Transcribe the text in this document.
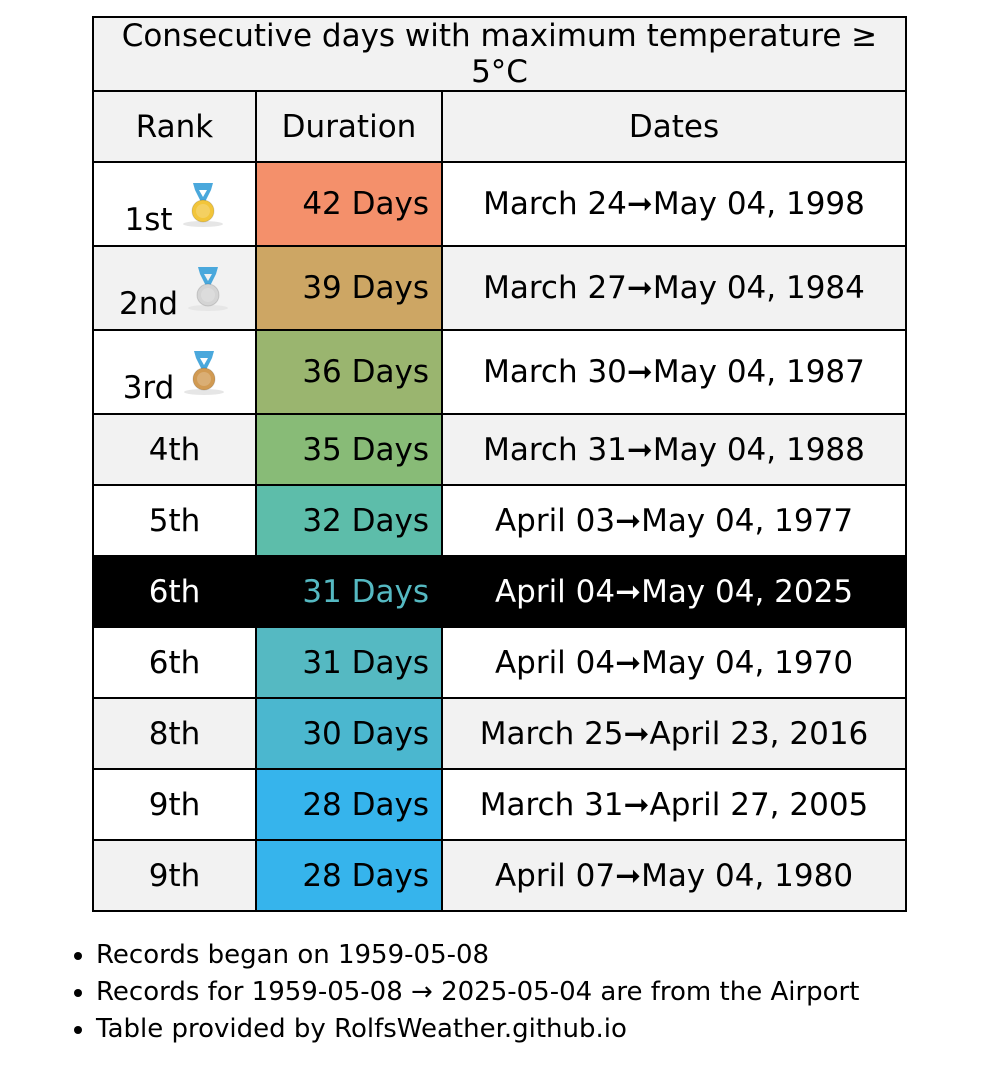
Consecutive days with maximum temperature ≥ 5°C		
Rank	Duration	Dates

1st	42 Days	March 24➞May 04, 1998

2nd	39 Days	March 27➞May 04, 1984

3rd	36 Days	March 30➞May 04, 1987
4th	35 Days	March 31➞May 04, 1988
5th	32 Days	April 03➞May 04, 1977
6th	31 Days	April 04➞May 04, 2025
6th	31 Days	April 04➞May 04, 1970
8th	30 Days	March 25➞April 23, 2016
9th	28 Days	March 31➞April 27, 2005
9th	28 Days	April 07➞May 04, 1980
• Records began on 1959-05-08
• Records for 1959-05-08 → 2025-05-04 are from the Airport
• Table provided by RolfsWeather.github.io
